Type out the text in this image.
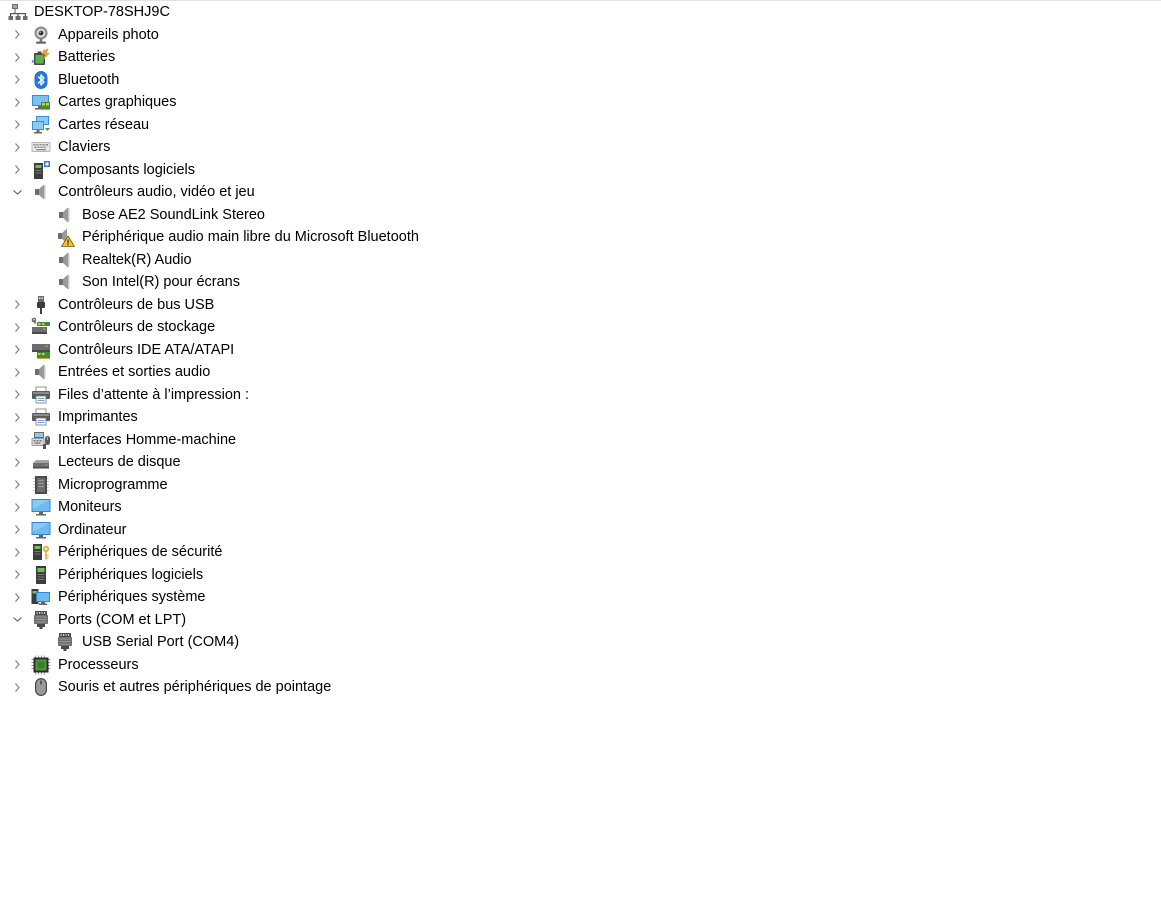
DESKTOP-78SHJ9C
Appareils photo
Batteries
Bluetooth
Cartes graphiques
Cartes réseau
Claviers
Composants logiciels
Contrôleurs audio, vidéo et jeu
Bose AE2 SoundLink Stereo
Périphérique audio main libre du Microsoft Bluetooth
Realtek(R) Audio
Son Intel(R) pour écrans
Contrôleurs de bus USB
Contrôleurs de stockage
Contrôleurs IDE ATA/ATAPI
Entrées et sorties audio
Files d’attente à l’impression :
Imprimantes
Interfaces Homme-machine
Lecteurs de disque
Microprogramme
Moniteurs
Ordinateur
Périphériques de sécurité
Périphériques logiciels
Périphériques système
Ports (COM et LPT)
USB Serial Port (COM4)
Processeurs
Souris et autres périphériques de pointage
